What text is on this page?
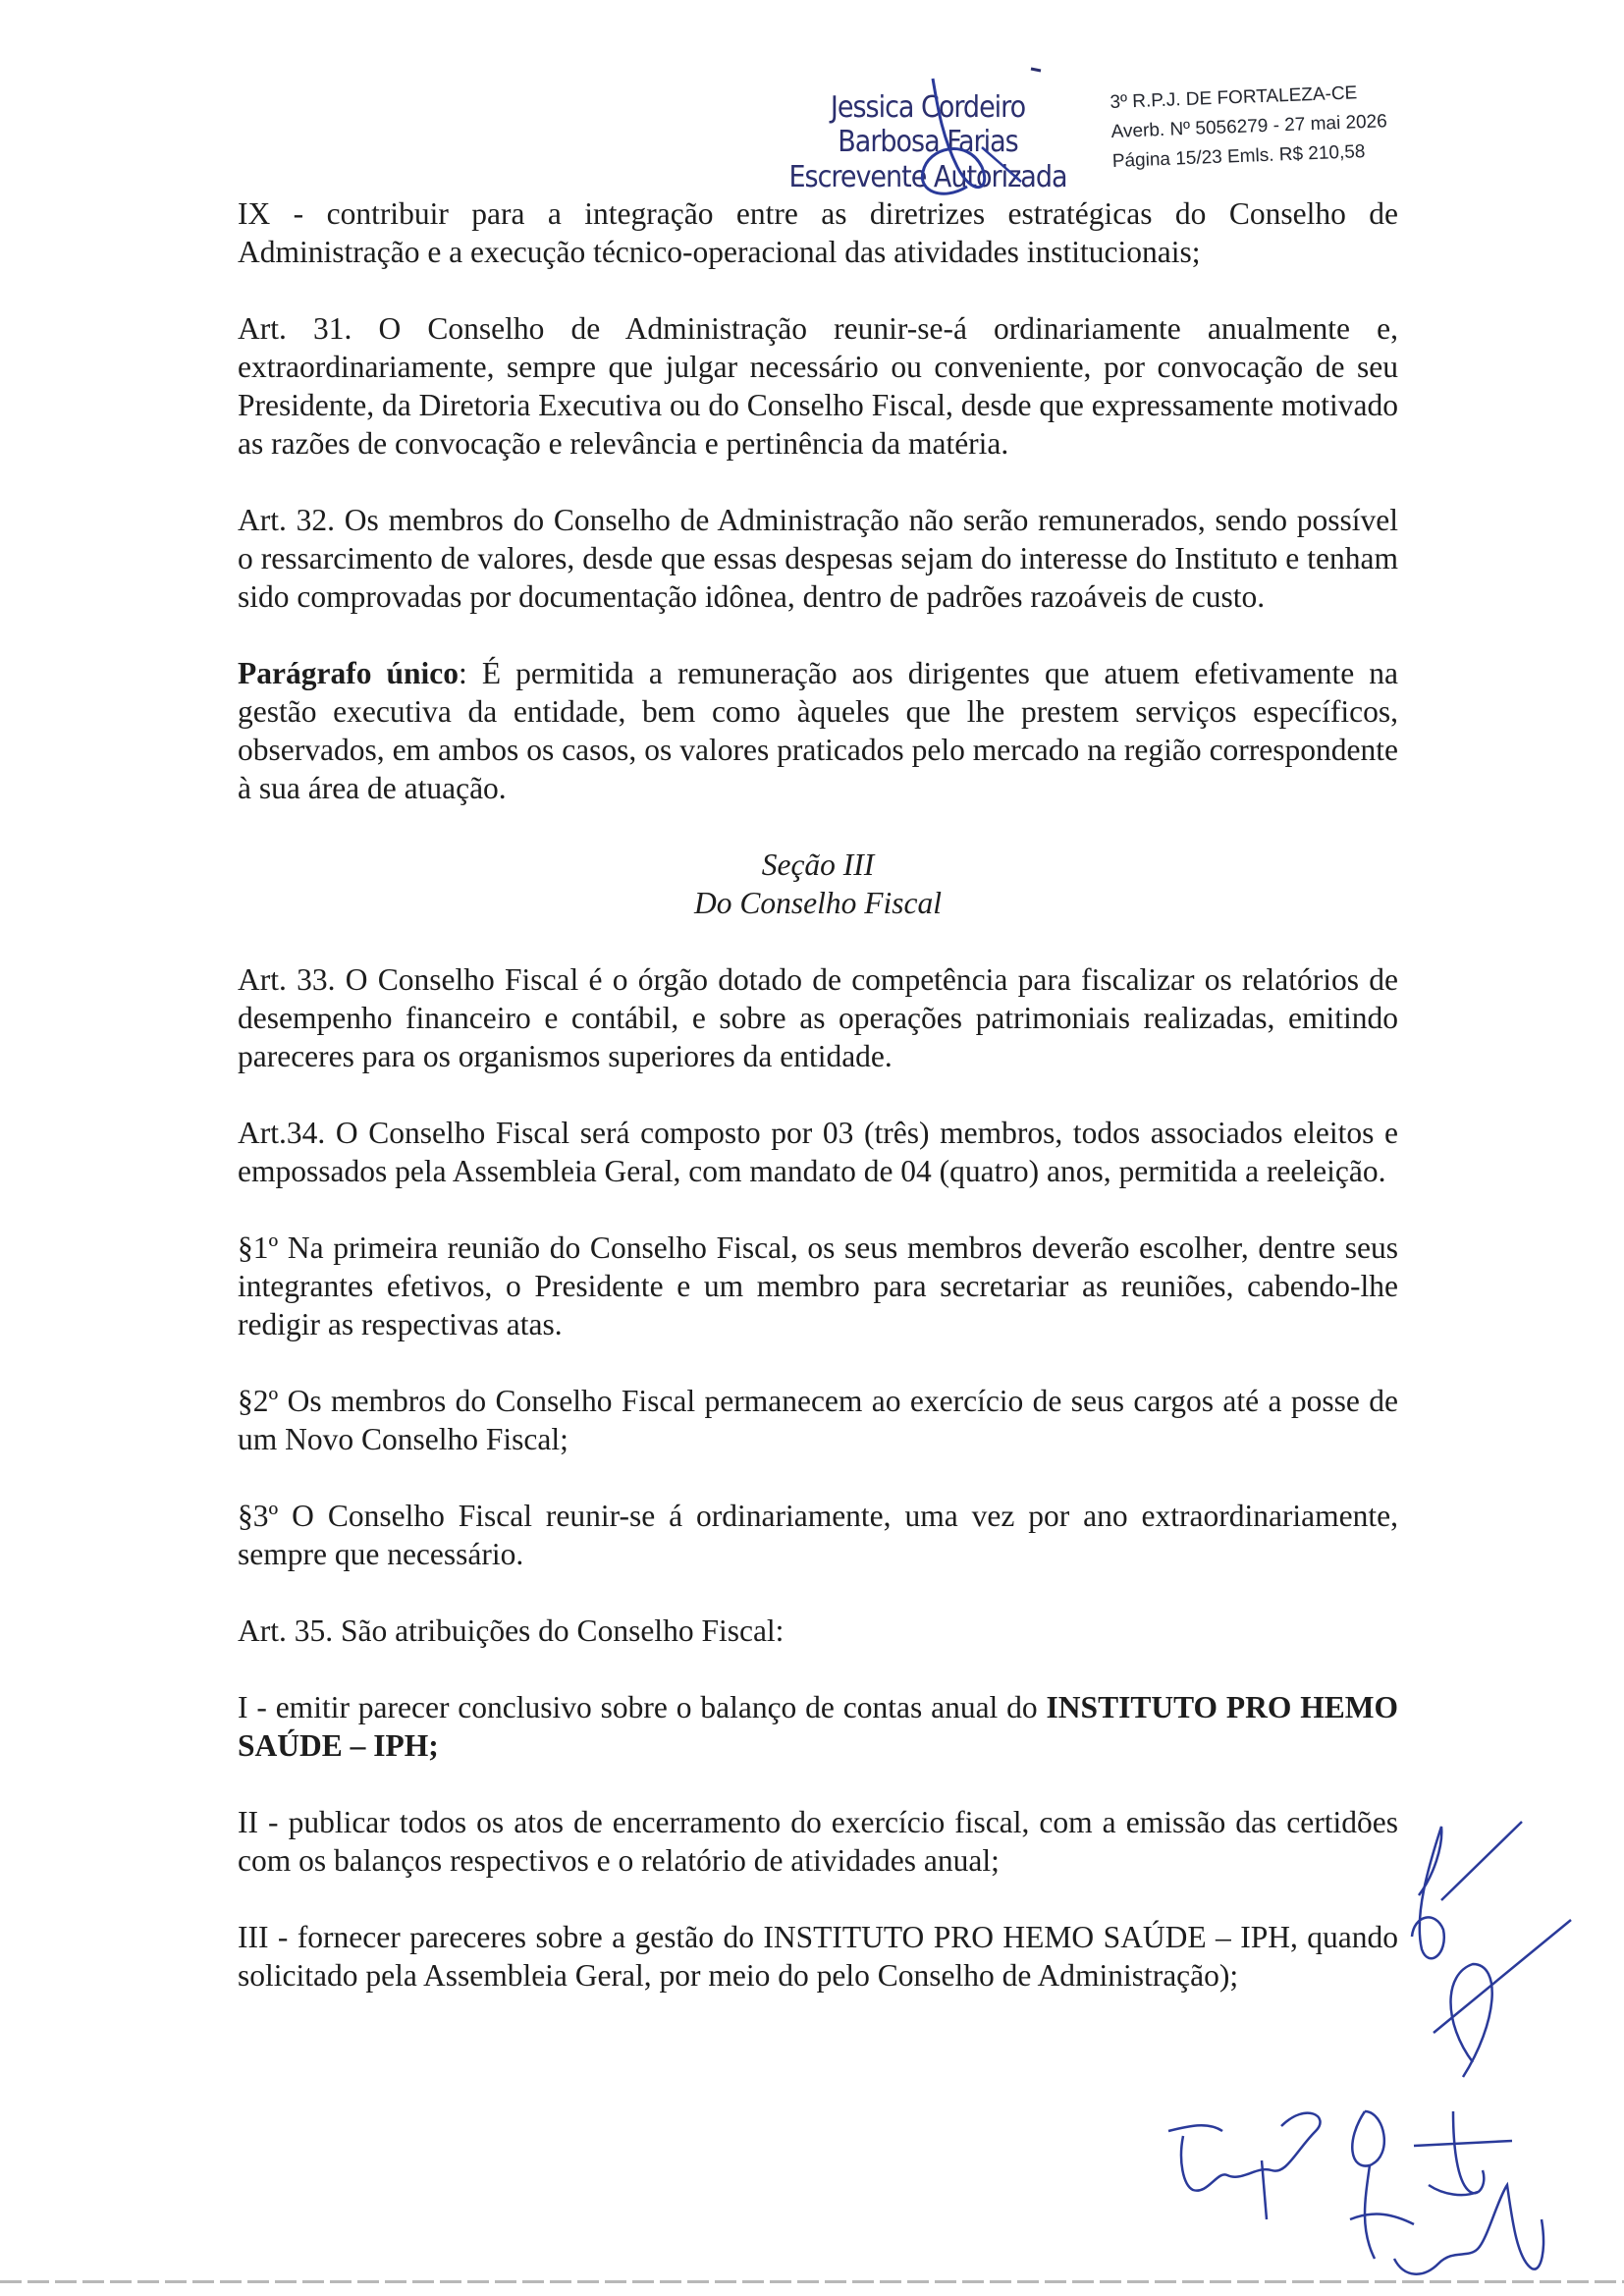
Jessica Cordeiro Barbosa Farias
Escrevente Autorizada
3º R.P.J. DE FORTALEZA-CE
Averb. Nº 5056279 - 27 mai 2026
Página 15/23 Emls. R$ 210,58

IX - contribuir para a integração entre as diretrizes estratégicas do Conselho de Administração e a execução técnico-operacional das atividades institucionais;

Art. 31. O Conselho de Administração reunir-se-á ordinariamente anualmente e, extraordinariamente, sempre que julgar necessário ou conveniente, por convocação de seu Presidente, da Diretoria Executiva ou do Conselho Fiscal, desde que expressamente motivado as razões de convocação e relevância e pertinência da matéria.

Art. 32. Os membros do Conselho de Administração não serão remunerados, sendo possível o ressarcimento de valores, desde que essas despesas sejam do interesse do Instituto e tenham sido comprovadas por documentação idônea, dentro de padrões razoáveis de custo.

Parágrafo único: É permitida a remuneração aos dirigentes que atuem efetivamente na gestão executiva da entidade, bem como àqueles que lhe prestem serviços específicos, observados, em ambos os casos, os valores praticados pelo mercado na região correspondente à sua área de atuação.

Seção III
Do Conselho Fiscal

Art. 33. O Conselho Fiscal é o órgão dotado de competência para fiscalizar os relatórios de desempenho financeiro e contábil, e sobre as operações patrimoniais realizadas, emitindo pareceres para os organismos superiores da entidade.

Art.34. O Conselho Fiscal será composto por 03 (três) membros, todos associados eleitos e empossados pela Assembleia Geral, com mandato de 04 (quatro) anos, permitida a reeleição.

§1º Na primeira reunião do Conselho Fiscal, os seus membros deverão escolher, dentre seus integrantes efetivos, o Presidente e um membro para secretariar as reuniões, cabendo-lhe redigir as respectivas atas.

§2º Os membros do Conselho Fiscal permanecem ao exercício de seus cargos até a posse de um Novo Conselho Fiscal;

§3º O Conselho Fiscal reunir-se á ordinariamente, uma vez por ano extraordinariamente, sempre que necessário.

Art. 35. São atribuições do Conselho Fiscal:

I - emitir parecer conclusivo sobre o balanço de contas anual do INSTITUTO PRO HEMO SAÚDE – IPH;

II - publicar todos os atos de encerramento do exercício fiscal, com a emissão das certidões com os balanços respectivos e o relatório de atividades anual;

III - fornecer pareceres sobre a gestão do INSTITUTO PRO HEMO SAÚDE – IPH, quando solicitado pela Assembleia Geral, por meio do pelo Conselho de Administração);
